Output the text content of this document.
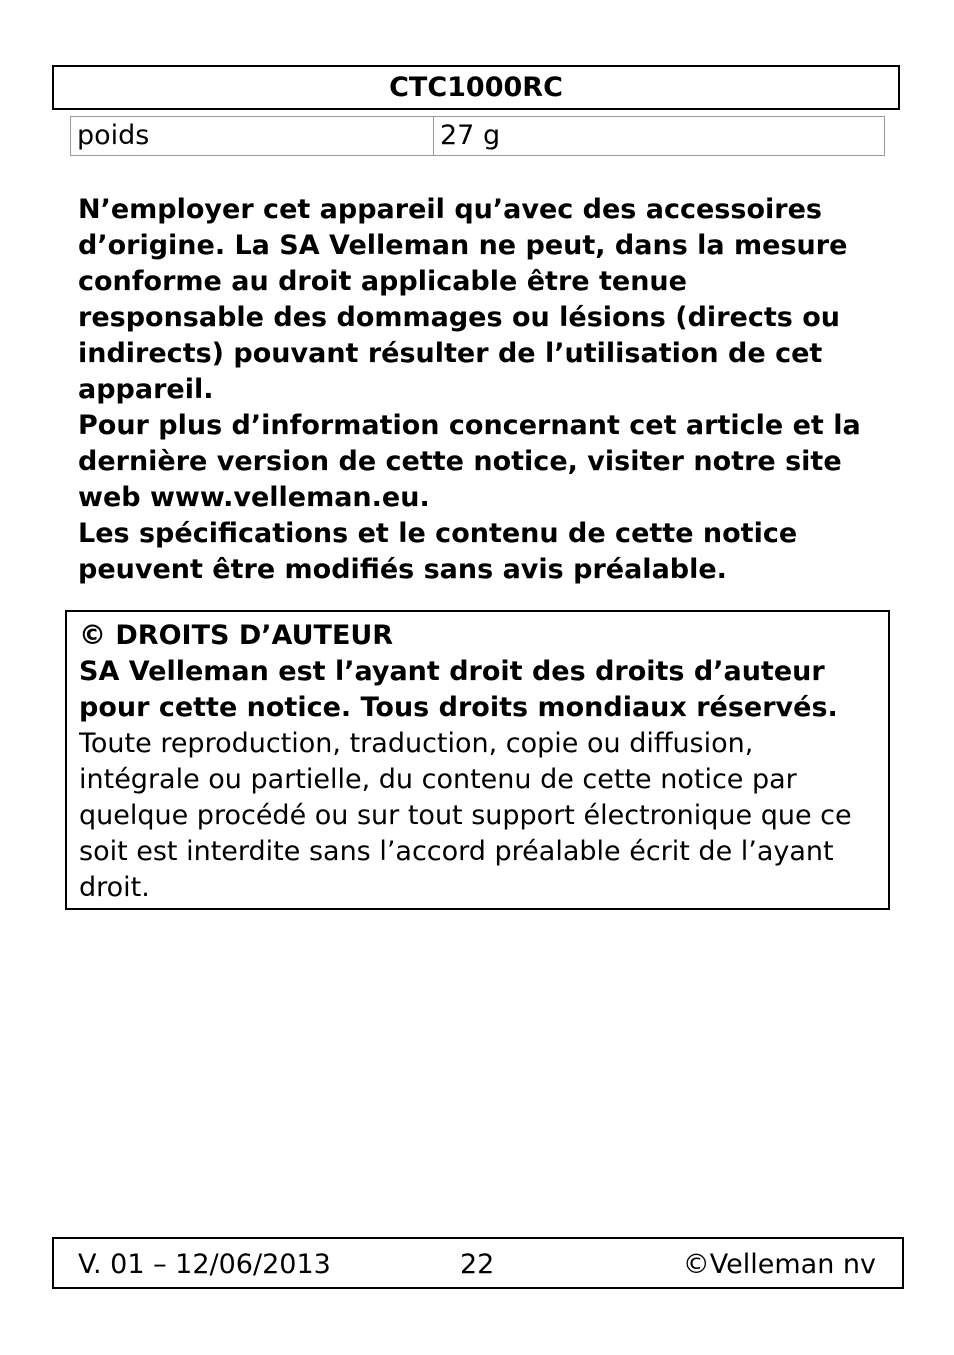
CTC1000RC
poids	27 g

N’employer cet appareil qu’avec des accessoires d’origine. La SA Velleman ne peut, dans la mesure conforme au droit applicable être tenue responsable des dommages ou lésions (directs ou indirects) pouvant résulter de l’utilisation de cet appareil.

Pour plus d’information concernant cet article et la dernière version de cette notice, visiter notre site web www.velleman.eu.

Les spécifications et le contenu de cette notice peuvent être modifiés sans avis préalable.

© DROITS D’AUTEUR
SA Velleman est l’ayant droit des droits d’auteur pour cette notice. Tous droits mondiaux réservés. Toute reproduction, traduction, copie ou diffusion, intégrale ou partielle, du contenu de cette notice par quelque procédé ou sur tout support électronique que ce soit est interdite sans l’accord préalable écrit de l’ayant droit.
V. 01 – 12/06/2013	22	©Velleman nv
